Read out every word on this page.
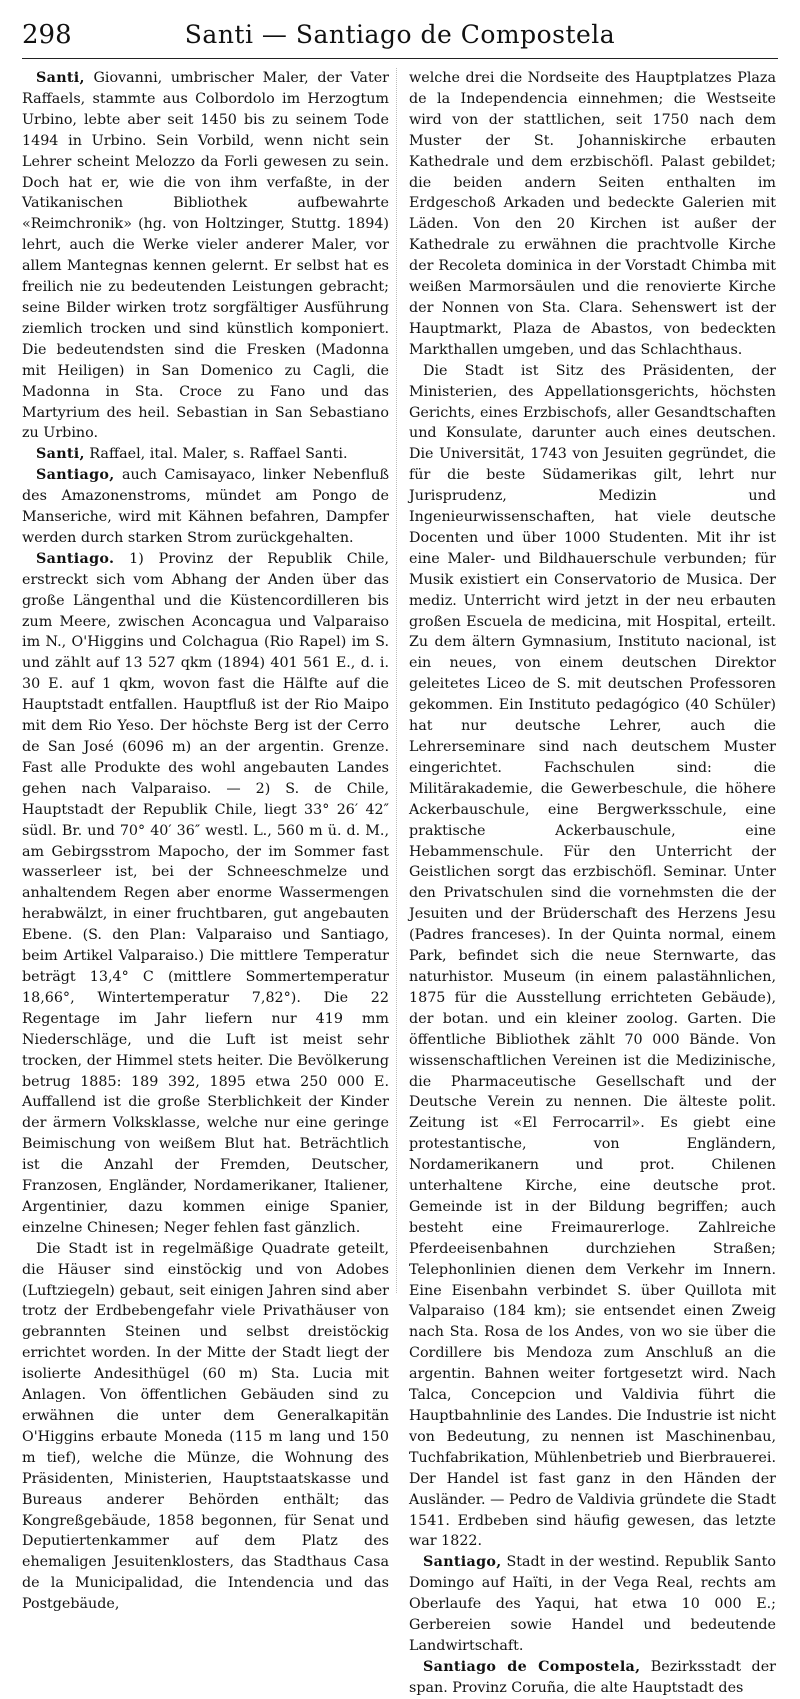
298	Santi — Santiago de Compostela

Santi, Giovanni, umbrischer Maler, der Vater Raffaels, stammte aus Colbordolo im Herzogtum Urbino, lebte aber seit 1450 bis zu seinem Tode 1494 in Urbino. Sein Vorbild, wenn nicht sein Lehrer scheint Melozzo da Forli gewesen zu sein. Doch hat er, wie die von ihm verfaßte, in der Vatikanischen Bibliothek aufbewahrte «Reimchronik» (hg. von Holtzinger, Stuttg. 1894) lehrt, auch die Werke vieler anderer Maler, vor allem Mantegnas kennen gelernt. Er selbst hat es freilich nie zu bedeutenden Leistungen gebracht; seine Bilder wirken trotz sorgfältiger Ausführung ziemlich trocken und sind künstlich komponiert. Die bedeutendsten sind die Fresken (Madonna mit Heiligen) in San Domenico zu Cagli, die Madonna in Sta. Croce zu Fano und das Martyrium des heil. Sebastian in San Sebastiano zu Urbino.

Santi, Raffael, ital. Maler, s. Raffael Santi.

Santiago, auch Camisayaco, linker Nebenfluß des Amazonenstroms, mündet am Pongo de Manseriche, wird mit Kähnen befahren, Dampfer werden durch starken Strom zurückgehalten.

Santiago. 1) Provinz der Republik Chile, erstreckt sich vom Abhang der Anden über das große Längenthal und die Küstencordilleren bis zum Meere, zwischen Aconcagua und Valparaiso im N., O'Higgins und Colchagua (Rio Rapel) im S. und zählt auf 13 527 qkm (1894) 401 561 E., d. i. 30 E. auf 1 qkm, wovon fast die Hälfte auf die Hauptstadt entfallen. Hauptfluß ist der Rio Maipo mit dem Rio Yeso. Der höchste Berg ist der Cerro de San José (6096 m) an der argentin. Grenze. Fast alle Produkte des wohl angebauten Landes gehen nach Valparaiso. — 2) S. de Chile, Hauptstadt der Republik Chile, liegt 33° 26′ 42″ südl. Br. und 70° 40′ 36″ westl. L., 560 m ü. d. M., am Gebirgsstrom Mapocho, der im Sommer fast wasserleer ist, bei der Schneeschmelze und anhaltendem Regen aber enorme Wassermengen herabwälzt, in einer fruchtbaren, gut angebauten Ebene. (S. den Plan: Valparaiso und Santiago, beim Artikel Valparaiso.) Die mittlere Temperatur beträgt 13,4° C (mittlere Sommertemperatur 18,66°, Wintertemperatur 7,82°). Die 22 Regentage im Jahr liefern nur 419 mm Niederschläge, und die Luft ist meist sehr trocken, der Himmel stets heiter. Die Bevölkerung betrug 1885: 189 392, 1895 etwa 250 000 E. Auffallend ist die große Sterblichkeit der Kinder der ärmern Volksklasse, welche nur eine geringe Beimischung von weißem Blut hat. Beträchtlich ist die Anzahl der Fremden, Deutscher, Franzosen, Engländer, Nordamerikaner, Italiener, Argentinier, dazu kommen einige Spanier, einzelne Chinesen; Neger fehlen fast gänzlich.

Die Stadt ist in regelmäßige Quadrate geteilt, die Häuser sind einstöckig und von Adobes (Luftziegeln) gebaut, seit einigen Jahren sind aber trotz der Erdbebengefahr viele Privathäuser von gebrannten Steinen und selbst dreistöckig errichtet worden. In der Mitte der Stadt liegt der isolierte Andesithügel (60 m) Sta. Lucia mit Anlagen. Von öffentlichen Gebäuden sind zu erwähnen die unter dem Generalkapitän O'Higgins erbaute Moneda (115 m lang und 150 m tief), welche die Münze, die Wohnung des Präsidenten, Ministerien, Hauptstaatskasse und Bureaus anderer Behörden enthält; das Kongreßgebäude, 1858 begonnen, für Senat und Deputiertenkammer auf dem Platz des ehemaligen Jesuitenklosters, das Stadthaus Casa de la Municipalidad, die Intendencia und das Postgebäude,

welche drei die Nordseite des Hauptplatzes Plaza de la Independencia einnehmen; die Westseite wird von der stattlichen, seit 1750 nach dem Muster der St. Johanniskirche erbauten Kathedrale und dem erzbischöfl. Palast gebildet; die beiden andern Seiten enthalten im Erdgeschoß Arkaden und bedeckte Galerien mit Läden. Von den 20 Kirchen ist außer der Kathedrale zu erwähnen die prachtvolle Kirche der Recoleta dominica in der Vorstadt Chimba mit weißen Marmorsäulen und die renovierte Kirche der Nonnen von Sta. Clara. Sehenswert ist der Hauptmarkt, Plaza de Abastos, von bedeckten Markthallen umgeben, und das Schlachthaus.

Die Stadt ist Sitz des Präsidenten, der Ministerien, des Appellationsgerichts, höchsten Gerichts, eines Erzbischofs, aller Gesandtschaften und Konsulate, darunter auch eines deutschen. Die Universität, 1743 von Jesuiten gegründet, die für die beste Südamerikas gilt, lehrt nur Jurisprudenz, Medizin und Ingenieurwissenschaften, hat viele deutsche Docenten und über 1000 Studenten. Mit ihr ist eine Maler- und Bildhauerschule verbunden; für Musik existiert ein Conservatorio de Musica. Der mediz. Unterricht wird jetzt in der neu erbauten großen Escuela de medicina, mit Hospital, erteilt. Zu dem ältern Gymnasium, Instituto nacional, ist ein neues, von einem deutschen Direktor geleitetes Liceo de S. mit deutschen Professoren gekommen. Ein Instituto pedagógico (40 Schüler) hat nur deutsche Lehrer, auch die Lehrerseminare sind nach deutschem Muster eingerichtet. Fachschulen sind: die Militärakademie, die Gewerbeschule, die höhere Ackerbauschule, eine Bergwerksschule, eine praktische Ackerbauschule, eine Hebammenschule. Für den Unterricht der Geistlichen sorgt das erzbischöfl. Seminar. Unter den Privatschulen sind die vornehmsten die der Jesuiten und der Brüderschaft des Herzens Jesu (Padres franceses). In der Quinta normal, einem Park, befindet sich die neue Sternwarte, das naturhistor. Museum (in einem palastähnlichen, 1875 für die Ausstellung errichteten Gebäude), der botan. und ein kleiner zoolog. Garten. Die öffentliche Bibliothek zählt 70 000 Bände. Von wissenschaftlichen Vereinen ist die Medizinische, die Pharmaceutische Gesellschaft und der Deutsche Verein zu nennen. Die älteste polit. Zeitung ist «El Ferrocarril». Es giebt eine protestantische, von Engländern, Nordamerikanern und prot. Chilenen unterhaltene Kirche, eine deutsche prot. Gemeinde ist in der Bildung begriffen; auch besteht eine Freimaurerloge. Zahlreiche Pferdeeisenbahnen durchziehen Straßen; Telephonlinien dienen dem Verkehr im Innern. Eine Eisenbahn verbindet S. über Quillota mit Valparaiso (184 km); sie entsendet einen Zweig nach Sta. Rosa de los Andes, von wo sie über die Cordillere bis Mendoza zum Anschluß an die argentin. Bahnen weiter fortgesetzt wird. Nach Talca, Concepcion und Valdivia führt die Hauptbahnlinie des Landes. Die Industrie ist nicht von Bedeutung, zu nennen ist Maschinenbau, Tuchfabrikation, Mühlenbetrieb und Bierbrauerei. Der Handel ist fast ganz in den Händen der Ausländer. — Pedro de Valdivia gründete die Stadt 1541. Erdbeben sind häufig gewesen, das letzte war 1822.

Santiago, Stadt in der westind. Republik Santo Domingo auf Haïti, in der Vega Real, rechts am Oberlaufe des Yaqui, hat etwa 10 000 E.; Gerbereien sowie Handel und bedeutende Landwirtschaft.

Santiago de Compostela, Bezirksstadt der span. Provinz Coruña, die alte Hauptstadt des
